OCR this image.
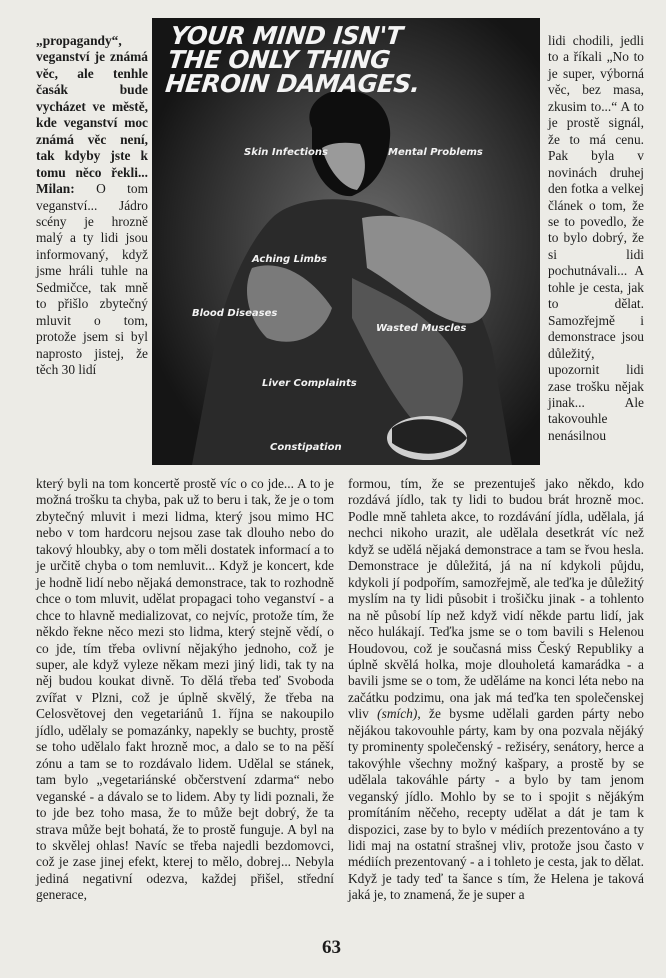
„propagandy“, veganství je známá věc, ale tenhle časák bude vycházet ve městě, kde veganství moc známá věc není, tak kdyby jste k tomu něco řekli... Milan: O tom veganství... Jádro scény je hrozně malý a ty lidi jsou informovaný, když jsme hráli tuhle na Sedmičce, tak mně to přišlo zbytečný mluvit o tom, protože jsem si byl naprosto jistej, že těch 30 lidí

YOUR MIND ISN'T
THE ONLY THING
HEROIN DAMAGES.
Skin Infections	Mental Problems
Aching Limbs
Blood Diseases
Wasted Muscles
Liver Complaints
Constipation

lidi chodili, jedli to a říkali „No to je super, výborná věc, bez masa, zkusim to...“ A to je prostě signál, že to má cenu. Pak byla v novinách druhej den fotka a velkej článek o tom, že se to povedlo, že to bylo dobrý, že si lidi pochutnávali... A tohle je cesta, jak to dělat. Samozřejmě i demonstrace jsou důležitý, upozornit lidi zase trošku nějak jinak... Ale takovouhle nenásilnou

který byli na tom koncertě prostě víc o co jde... A to je možná trošku ta chyba, pak už to beru i tak, že je o tom zbytečný mluvit i mezi lidma, který jsou mimo HC nebo v tom hardcoru nejsou zase tak dlouho nebo do takový hloubky, aby o tom měli dostatek informací a to je určitě chyba o tom nemluvit... Když je koncert, kde je hodně lidí nebo nějaká demonstrace, tak to rozhodně chce o tom mluvit, udělat propagaci toho veganství - a chce to hlavně medializovat, co nejvíc, protože tím, že někdo řekne něco mezi sto lidma, který stejně vědí, o co jde, tím třeba ovlivní nějakýho jednoho, což je super, ale když vyleze někam mezi jiný lidi, tak ty na něj budou koukat divně. To dělá třeba teď Svoboda zvířat v Plzni, což je úplně skvělý, že třeba na Celosvětovej den vegetariánů 1. října se nakoupilo jídlo, udělaly se pomazánky, napekly se buchty, prostě se toho udělalo fakt hrozně moc, a dalo se to na pěší zónu a tam se to rozdávalo lidem. Udělal se stánek, tam bylo „vegetariánské občerstvení zdarma“ nebo veganské - a dávalo se to lidem. Aby ty lidi poznali, že to jde bez toho masa, že to může bejt dobrý, že ta strava může bejt bohatá, že to prostě funguje. A byl na to skvělej ohlas! Navíc se třeba najedli bezdomovci, což je zase jinej efekt, kterej to mělo, dobrej... Nebyla jediná negativní odezva, každej přišel, střední generace,

formou, tím, že se prezentuješ jako někdo, kdo rozdává jídlo, tak ty lidi to budou brát hrozně moc. Podle mně tahleta akce, to rozdávání jídla, udělala, já nechci nikoho urazit, ale udělala desetkrát víc než když se udělá nějaká demonstrace a tam se řvou hesla. Demonstrace je důležitá, já na ní kdykoli půjdu, kdykoli jí podpořím, samozřejmě, ale teďka je důležitý myslím na ty lidi působit i trošičku jinak - a tohlento na ně působí líp než když vidí někde partu lidí, jak něco hulákají. Teďka jsme se o tom bavili s Helenou Houdovou, což je současná miss Český Republiky a úplně skvělá holka, moje dlouholetá kamarádka - a bavili jsme se o tom, že uděláme na konci léta nebo na začátku podzimu, ona jak má teďka ten společenskej vliv (smích), že bysme udělali garden párty nebo nějákou takovouhle párty, kam by ona pozvala nějáký ty prominenty společenský - režiséry, senátory, herce a takovýhle všechny možný kašpary, a prostě by se udělala takováhle párty - a bylo by tam jenom veganský jídlo. Mohlo by se to i spojit s nějákým promítáním něčeho, recepty udělat a dát je tam k dispozici, zase by to bylo v médiích prezentováno a ty lidi maj na ostatní strašnej vliv, protože jsou často v médiích prezentovaný - a i tohleto je cesta, jak to dělat. Když je tady teď ta šance s tím, že Helena je taková jaká je, to znamená, že je super a

63
